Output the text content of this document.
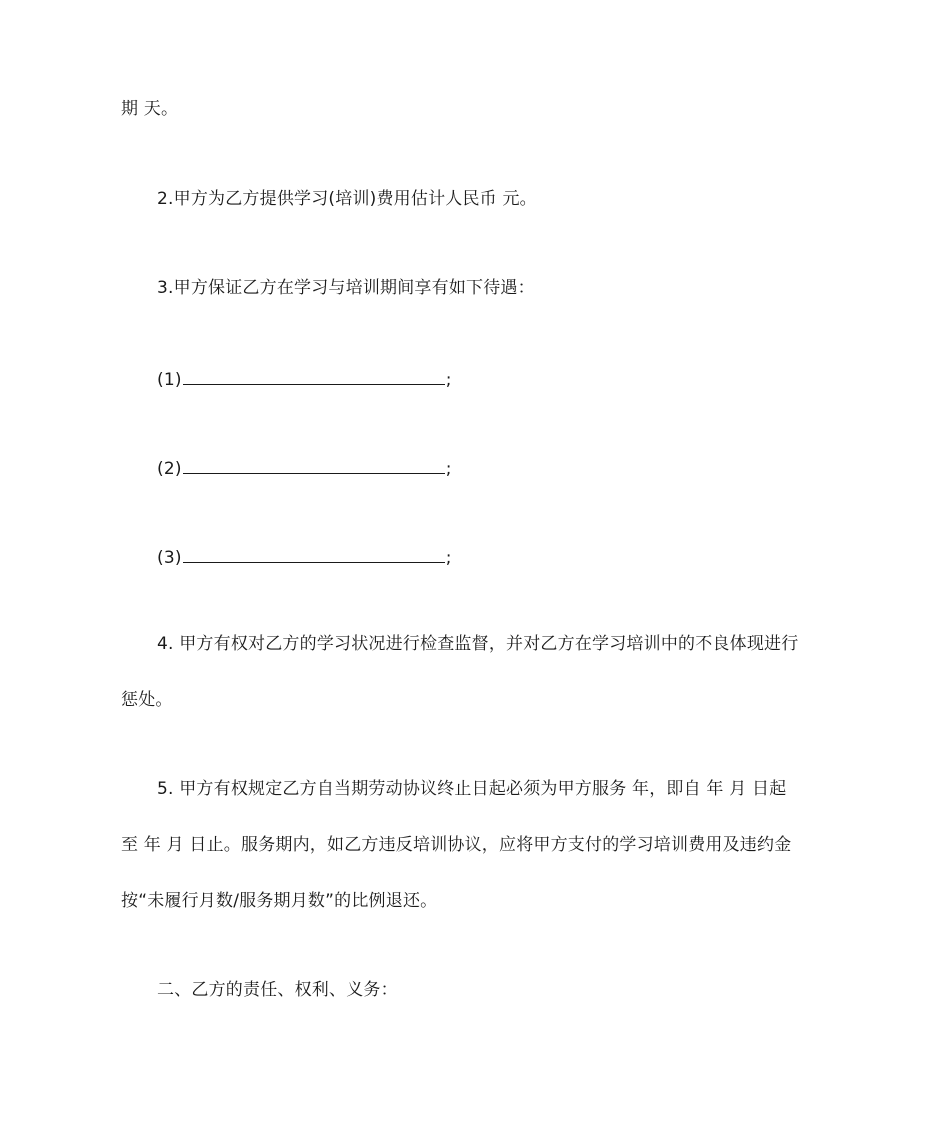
期 天。
2.甲方为乙方提供学习(培训)费用估计人民币 元。
3.甲方保证乙方在学习与培训期间享有如下待遇：
(1)	;
(2)	;
(3)	;
4. 甲方有权对乙方的学习状况进行检查监督，并对乙方在学习培训中的不良体现进行
惩处。
5. 甲方有权规定乙方自当期劳动协议终止日起必须为甲方服务 年，即自 年 月 日起
至 年 月 日止。服务期内，如乙方违反培训协议，应将甲方支付的学习培训费用及违约金
按“未履行月数/服务期月数”的比例退还。
二、乙方的责任、权利、义务：
